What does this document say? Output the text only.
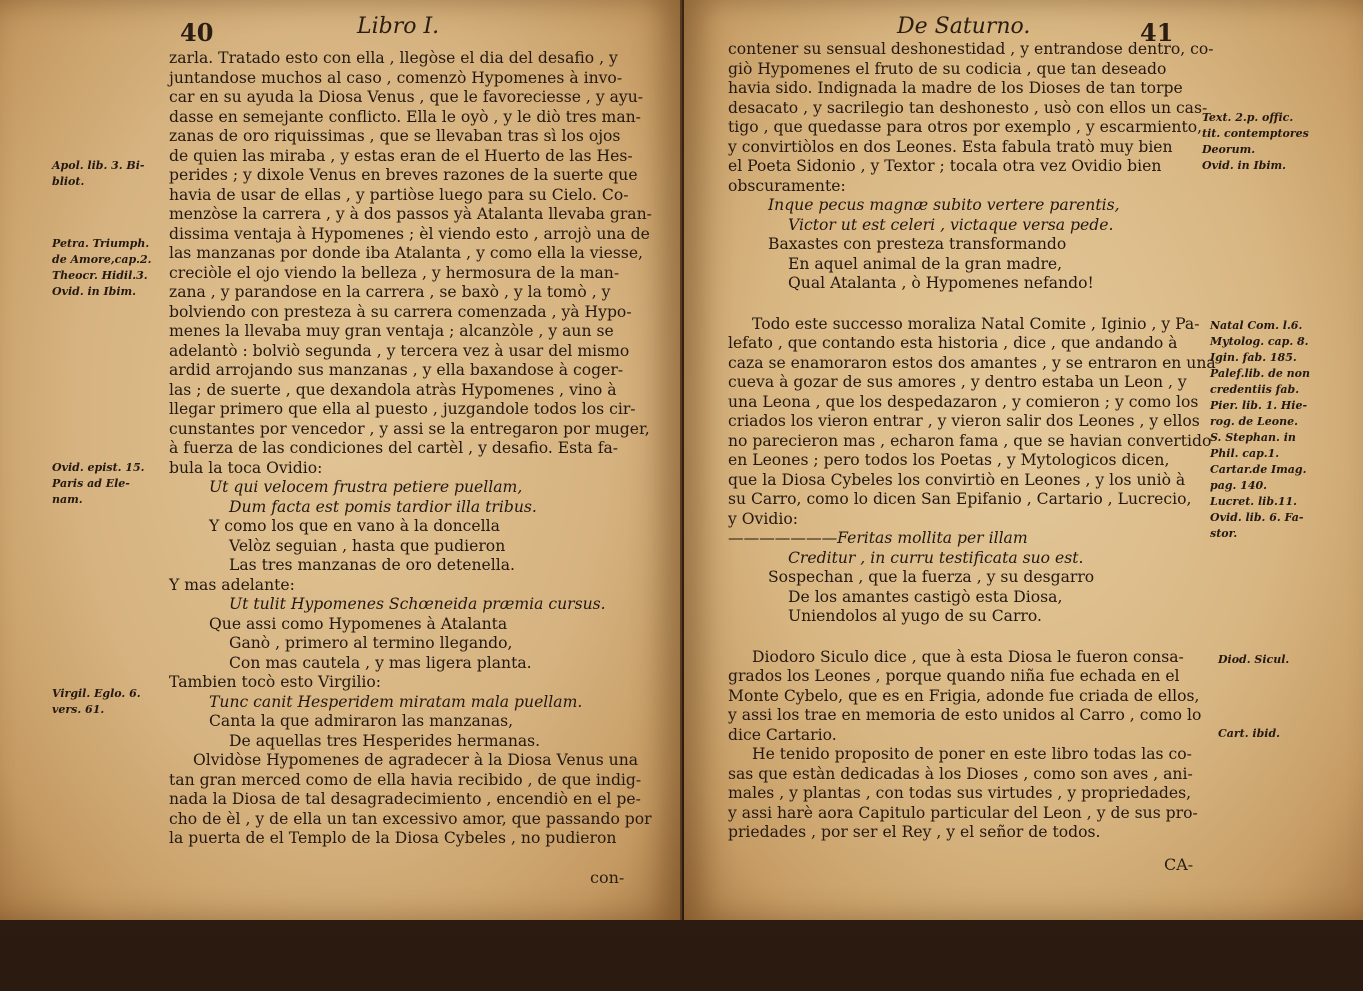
40	Libro I.
zarla. Tratado esto con ella , llegòse el dia del desafio , y
juntandose muchos al caso , comenzò Hypomenes à invo-
car en su ayuda la Diosa Venus , que le favoreciesse , y ayu-
dasse en semejante conflicto. Ella le oyò , y le diò tres man-
zanas de oro riquissimas , que se llevaban tras sì los ojos
de quien las miraba , y estas eran de el Huerto de las Hes-
perides ; y dixole Venus en breves razones de la suerte que
havia de usar de ellas , y partiòse luego para su Cielo. Co-
menzòse la carrera , y à dos passos yà Atalanta llevaba gran-
dissima ventaja à Hypomenes ; èl viendo esto , arrojò una de
las manzanas por donde iba Atalanta , y como ella la viesse,
creciòle el ojo viendo la belleza , y hermosura de la man-
zana , y parandose en la carrera , se baxò , y la tomò , y
bolviendo con presteza à su carrera comenzada , yà Hypo-
menes la llevaba muy gran ventaja ; alcanzòle , y aun se
adelantò : bolviò segunda , y tercera vez à usar del mismo
ardid arrojando sus manzanas , y ella baxandose à coger-
las ; de suerte , que dexandola atràs Hypomenes , vino à
llegar primero que ella al puesto , juzgandole todos los cir-
cunstantes por vencedor , y assi se la entregaron por muger,
à fuerza de las condiciones del cartèl , y desafio. Esta fa-
bula la toca Ovidio:
Ut qui velocem frustra petiere puellam,
Dum facta est pomis tardior illa tribus.
Y como los que en vano à la doncella
Velòz seguian , hasta que pudieron
Las tres manzanas de oro detenella.
Y mas adelante:
Ut tulit Hypomenes Schœneida præmia cursus.
Que assi como Hypomenes à Atalanta
Ganò , primero al termino llegando,
Con mas cautela , y mas ligera planta.
Tambien tocò esto Virgilio:
Tunc canit Hesperidem miratam mala puellam.
Canta la que admiraron las manzanas,
De aquellas tres Hesperides hermanas.
Olvidòse Hypomenes de agradecer à la Diosa Venus una
tan gran merced como de ella havia recibido , de que indig-
nada la Diosa de tal desagradecimiento , encendiò en el pe-
cho de èl , y de ella un tan excessivo amor, que passando por
la puerta de el Templo de la Diosa Cybeles , no pudieron
Apol. lib. 3. Bi-
bliot.
Petra. Triumph.
de Amore,cap.2.
Theocr. Hidil.3.
Ovid. in Ibim.
Ovid. epist. 15.
Paris ad Ele-
nam.
Virgil. Eglo. 6.
vers. 61.
con-
De Saturno.	41
contener su sensual deshonestidad , y entrandose dentro, co-
giò Hypomenes el fruto de su codicia , que tan deseado
havia sido. Indignada la madre de los Dioses de tan torpe
desacato , y sacrilegio tan deshonesto , usò con ellos un cas-
tigo , que quedasse para otros por exemplo , y escarmiento,
y convirtiòlos en dos Leones. Esta fabula tratò muy bien
el Poeta Sidonio , y Textor ; tocala otra vez Ovidio bien
obscuramente:
Inque pecus magnæ subito vertere parentis,
Victor ut est celeri , victaque versa pede.
Baxastes con presteza transformando
En aquel animal de la gran madre,
Qual Atalanta , ò Hypomenes nefando!
Todo este successo moraliza Natal Comite , Iginio , y Pa-
lefato , que contando esta historia , dice , que andando à
caza se enamoraron estos dos amantes , y se entraron en una
cueva à gozar de sus amores , y dentro estaba un Leon , y
una Leona , que los despedazaron , y comieron ; y como los
criados los vieron entrar , y vieron salir dos Leones , y ellos
no parecieron mas , echaron fama , que se havian convertido
en Leones ; pero todos los Poetas , y Mytologicos dicen,
que la Diosa Cybeles los convirtiò en Leones , y los uniò à
su Carro, como lo dicen San Epifanio , Cartario , Lucrecio,
y Ovidio:
———————Feritas mollita per illam
Creditur , in curru testificata suo est.
Sospechan , que la fuerza , y su desgarro
De los amantes castigò esta Diosa,
Uniendolos al yugo de su Carro.
Diodoro Siculo dice , que à esta Diosa le fueron consa-
grados los Leones , porque quando niña fue echada en el
Monte Cybelo, que es en Frigia, adonde fue criada de ellos,
y assi los trae en memoria de esto unidos al Carro , como lo
dice Cartario.
He tenido proposito de poner en este libro todas las co-
sas que estàn dedicadas à los Dioses , como son aves , ani-
males , y plantas , con todas sus virtudes , y propriedades,
y assi harè aora Capitulo particular del Leon , y de sus pro-
priedades , por ser el Rey , y el señor de todos.
Text. 2.p. offic.
tit. contemptores
Deorum.
Ovid. in Ibim.
Natal Com. l.6.
Mytolog. cap. 8.
Igin. fab. 185.
Palef.lib. de non
credentiis fab.
Pier. lib. 1. Hie-
rog. de Leone.
S. Stephan. in
Phil. cap.1.
Cartar.de Imag.
pag. 140.
Lucret. lib.11.
Ovid. lib. 6. Fa-
stor.
Diod. Sicul.
Cart. ibid.
CA-
